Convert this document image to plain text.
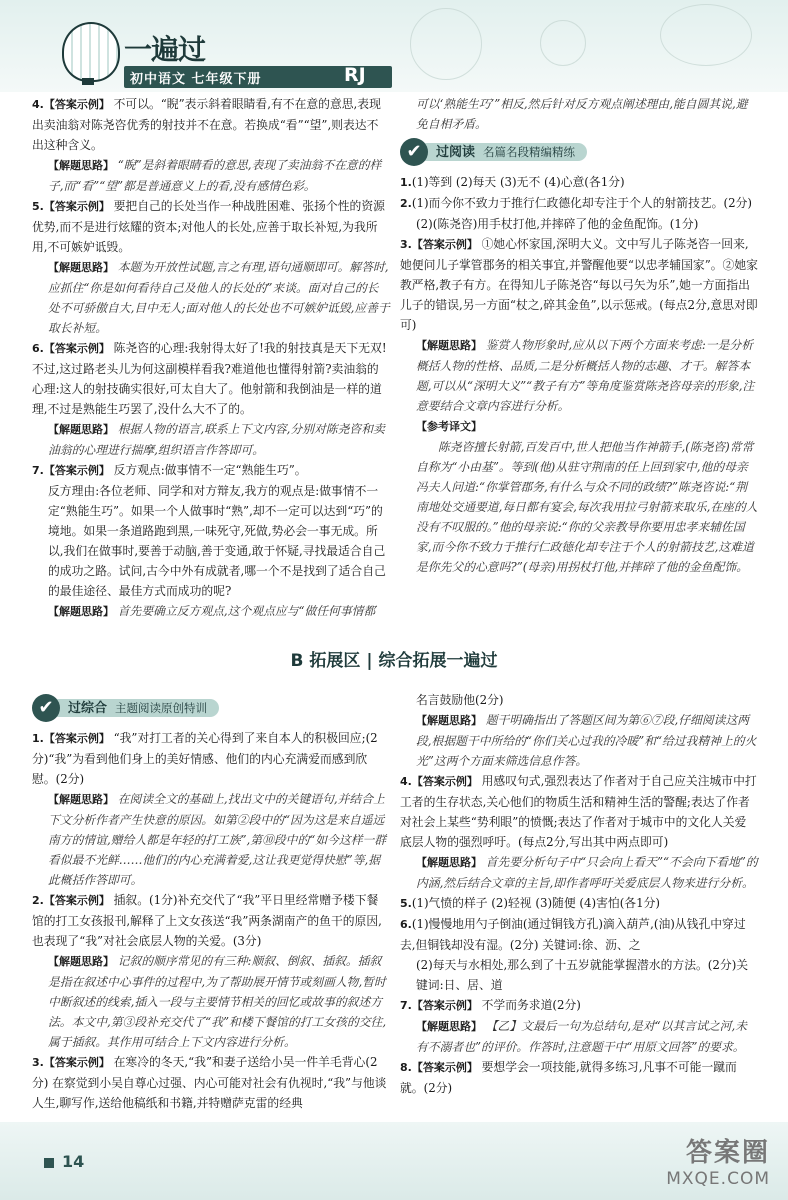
一遍过
初中语文 七年级下册	RJ

4.【答案示例】 不可以。“睨”表示斜着眼睛看,有不在意的意思,表现出卖油翁对陈尧咨优秀的射技并不在意。若换成“看”“望”,则表达不出这种含义。

【解题思路】 “睨”是斜着眼睛看的意思,表现了卖油翁不在意的样子,而“看”“望”都是普通意义上的看,没有感情色彩。

5.【答案示例】 要把自己的长处当作一种战胜困难、张扬个性的资源优势,而不是进行炫耀的资本;对他人的长处,应善于取长补短,为我所用,不可嫉妒诋毁。

【解题思路】 本题为开放性试题,言之有理,语句通顺即可。解答时,应抓住“你是如何看待自己及他人的长处的”来谈。面对自己的长处不可骄傲自大,目中无人;面对他人的长处也不可嫉妒诋毁,应善于取长补短。

6.【答案示例】 陈尧咨的心理:我射得太好了!我的射技真是天下无双!不过,这过路老头儿为何这副模样看我?难道他也懂得射箭?卖油翁的心理:这人的射技确实很好,可太自大了。他射箭和我倒油是一样的道理,不过是熟能生巧罢了,没什么大不了的。

【解题思路】 根据人物的语言,联系上下文内容,分别对陈尧咨和卖油翁的心理进行揣摩,组织语言作答即可。

7.【答案示例】 反方观点:做事情不一定“熟能生巧”。

反方理由:各位老师、同学和对方辩友,我方的观点是:做事情不一定“熟能生巧”。如果一个人做事时“熟”,却不一定可以达到“巧”的境地。如果一条道路跑到黑,一味死守,死做,势必会一事无成。所以,我们在做事时,要善于动脑,善于变通,敢于怀疑,寻找最适合自己的成功之路。试问,古今中外有成就者,哪一个不是找到了适合自己的最佳途径、最佳方式而成功的呢?

【解题思路】 首先要确立反方观点,这个观点应与“做任何事情都

可以‘熟能生巧’”相反,然后针对反方观点阐述理由,能自圆其说,避免自相矛盾。

过阅读 名篇名段精编精练
✔

1.(1)等到 (2)每天 (3)无不 (4)心意(各1分)

2.(1)而今你不致力于推行仁政德化却专注于个人的射箭技艺。(2分)

(2)(陈尧咨)用手杖打他,并摔碎了他的金鱼配饰。(1分)

3.【答案示例】 ①她心怀家国,深明大义。文中写儿子陈尧咨一回来,她便问儿子掌管郡务的相关事宜,并警醒他要“以忠孝辅国家”。②她家教严格,教子有方。在得知儿子陈尧咨“每以弓矢为乐”,她一方面指出儿子的错误,另一方面“杖之,碎其金鱼”,以示惩戒。(每点2分,意思对即可)

【解题思路】 鉴赏人物形象时,应从以下两个方面来考虑:一是分析概括人物的性格、品质,二是分析概括人物的志趣、才干。解答本题,可以从“深明大义”“教子有方”等角度鉴赏陈尧咨母亲的形象,注意要结合文章内容进行分析。

【参考译文】

陈尧咨擅长射箭,百发百中,世人把他当作神箭手,(陈尧咨)常常自称为“小由基”。等到(他)从驻守荆南的任上回到家中,他的母亲冯夫人问道:“你掌管郡务,有什么与众不同的政绩?”陈尧咨说:“荆南地处交通要道,每日都有宴会,每次我用拉弓射箭来取乐,在座的人没有不叹服的。”他的母亲说:“你的父亲教导你要用忠孝来辅佐国家,而今你不致力于推行仁政德化却专注于个人的射箭技艺,这难道是你先父的心意吗?”(母亲)用拐杖打他,并摔碎了他的金鱼配饰。

B 拓展区 | 综合拓展一遍过
过综合 主题阅读原创特训
✔

1.【答案示例】 “我”对打工者的关心得到了来自本人的积极回应;(2分)“我”为看到他们身上的美好情感、他们的内心充满爱而感到欣慰。(2分)

【解题思路】 在阅读全文的基础上,找出文中的关键语句,并结合上下文分析作者产生快意的原因。如第②段中的“因为这是来自遥远南方的情谊,赠给人都是年轻的打工族”,第⑩段中的“如今这样一群看似最不光鲜……他们的内心充满着爱,这让我更觉得快慰”等,据此概括作答即可。

2.【答案示例】 插叙。(1分)补充交代了“我”平日里经常赠予楼下餐馆的打工女孩报刊,解释了上文女孩送“我”两条湖南产的鱼干的原因,也表现了“我”对社会底层人物的关爱。(3分)

【解题思路】 记叙的顺序常见的有三种:顺叙、倒叙、插叙。插叙是指在叙述中心事件的过程中,为了帮助展开情节或刻画人物,暂时中断叙述的线索,插入一段与主要情节相关的回忆或故事的叙述方法。本文中,第③段补充交代了“我”和楼下餐馆的打工女孩的交往,属于插叙。其作用可结合上下文内容进行分析。

3.【答案示例】 在寒冷的冬天,“我”和妻子送给小吴一件羊毛背心(2分) 在察觉到小吴自尊心过强、内心可能对社会有仇视时,“我”与他谈人生,聊写作,送给他稿纸和书籍,并特赠萨克雷的经典

名言鼓励他(2分)

【解题思路】 题干明确指出了答题区间为第⑥⑦段,仔细阅读这两段,根据题干中所给的“你们关心过我的冷暖”和“给过我精神上的火光”这两个方面来筛选信息作答。

4.【答案示例】 用感叹句式,强烈表达了作者对于自己应关注城市中打工者的生存状态,关心他们的物质生活和精神生活的警醒;表达了作者对社会上某些“势利眼”的愤慨;表达了作者对于城市中的文化人关爱底层人物的强烈呼吁。(每点2分,写出其中两点即可)

【解题思路】 首先要分析句子中“只会向上看天”“不会向下看地”的内涵,然后结合文章的主旨,即作者呼吁关爱底层人物来进行分析。

5.(1)气愤的样子 (2)轻视 (3)随便 (4)害怕(各1分)

6.(1)慢慢地用勺子倒油(通过铜钱方孔)滴入葫芦,(油)从钱孔中穿过去,但铜钱却没有湿。(2分) 关键词:徐、沥、之

(2)每天与水相处,那么到了十五岁就能掌握潜水的方法。(2分)关键词:日、居、道

7.【答案示例】 不学而务求道(2分)

【解题思路】 【乙】文最后一句为总结句,是对“以其言试之河,未有不溺者也”的评价。作答时,注意题干中“用原文回答”的要求。

8.【答案示例】 要想学会一项技能,就得多练习,凡事不可能一蹴而就。(2分)

14	答案圈
MXQE.COM
